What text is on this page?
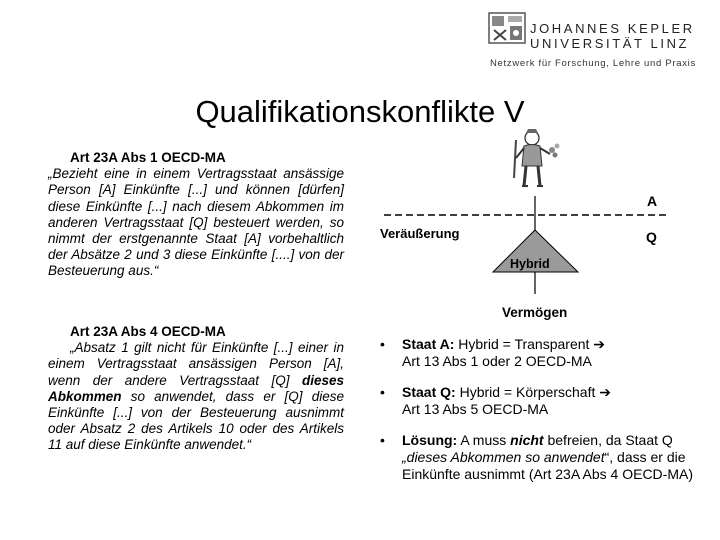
JOHANNES KEPLER
UNIVERSITÄT LINZ
Netzwerk für Forschung, Lehre und Praxis
Qualifikationskonflikte V
Art 23A Abs 1 OECD-MA
„Bezieht eine in einem Vertragsstaat ansässige Person [A] Einkünfte [...] und können [dürfen] diese Einkünfte [...] nach diesem Abkommen im anderen Vertragsstaat [Q] besteuert werden, so nimmt der erstgenannte Staat [A] vorbehaltlich der Absätze 2 und 3 diese Einkünfte [....] von der Besteuerung aus.“
Art 23A Abs 4 OECD-MA
„Absatz 1 gilt nicht für Einkünfte [...] einer in einem Vertragsstaat ansässigen Person [A], wenn der andere Vertragsstaat [Q] dieses Abkommen so anwendet, dass er [Q] diese Einkünfte [...] von der Besteuerung ausnimmt oder Absatz 2 des Artikels 10 oder des Artikels 11 auf diese Einkünfte anwendet.“
A
Q
Veräußerung
Hybrid
Vermögen
• Staat A: Hybrid = Transparent ➔
Art 13 Abs 1 oder 2 OECD-MA
• Staat Q: Hybrid = Körperschaft ➔
Art 13 Abs 5 OECD-MA
• Lösung: A muss nicht befreien, da Staat Q „dieses Abkommen so anwendet“, dass er die Einkünfte ausnimmt (Art 23A Abs 4 OECD-MA)
